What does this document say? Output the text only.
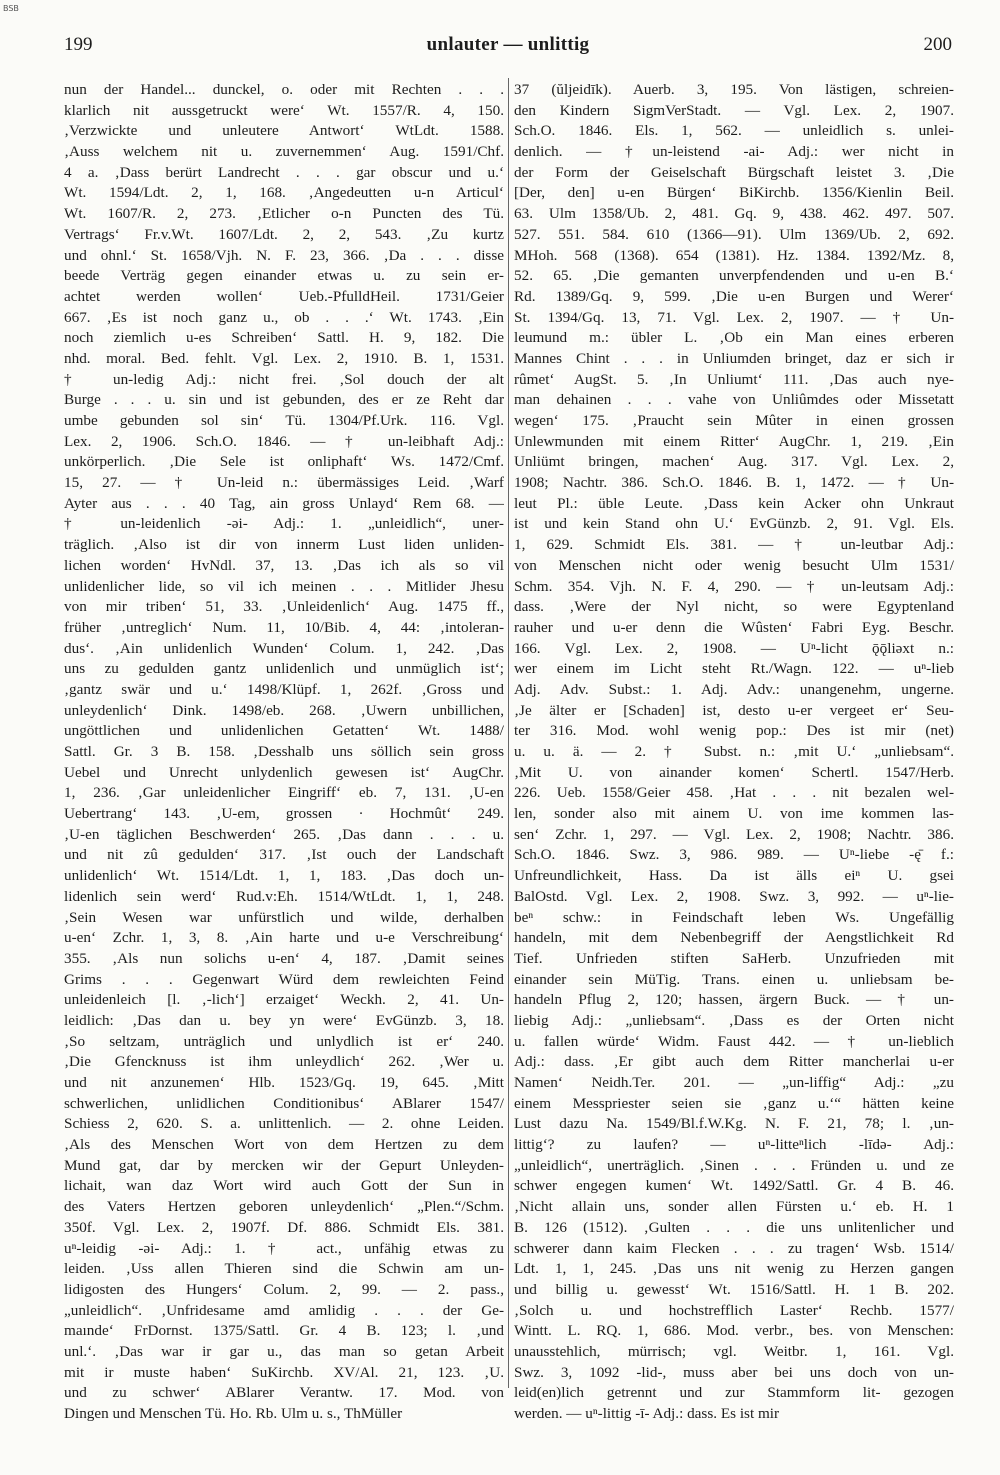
BSB
199	unlauter — unlittig	200
nun der Handel... dunckel, o. oder mit Rechten . . .
klarlich nit aussgetruckt were‘ Wt. 1557/R. 4, 150.
‚Verzwickte und unleutere Antwort‘ WtLdt. 1588.
‚Auss welchem nit u. zuvernemmen‘ Aug. 1591/Chf.
4 a. ‚Dass berürt Landrecht . . . gar obscur und u.‘
Wt. 1594/Ldt. 2, 1, 168. ‚Angedeutten u-n Articul‘
Wt. 1607/R. 2, 273. ‚Etlicher o-n Puncten des Tü.
Vertrags‘ Fr.v.Wt. 1607/Ldt. 2, 2, 543. ‚Zu kurtz
und ohnl.‘ St. 1658/Vjh. N. F. 23, 366. ‚Da . . . disse
beede Verträg gegen einander etwas u. zu sein er-
achtet werden wollen‘ Ueb.-PfulldHeil. 1731/Geier
667. ‚Es ist noch ganz u., ob . . .‘ Wt. 1743. ‚Ein
noch ziemlich u-es Schreiben‘ Sattl. H. 9, 182. Die
nhd. moral. Bed. fehlt. Vgl. Lex. 2, 1910. B. 1, 1531.
† un-ledig Adj.: nicht frei. ‚Sol douch der alt
Burge . . . u. sin und ist gebunden, des er ze Reht dar
umbe gebunden sol sin‘ Tü. 1304/Pf.Urk. 116. Vgl.
Lex. 2, 1906. Sch.O. 1846. — † un-leibhaft Adj.:
unkörperlich. ‚Die Sele ist onliphaft‘ Ws. 1472/Cmf.
15, 27. — † Un-leid n.: übermässiges Leid. ‚Warf
Ayter aus . . . 40 Tag, ain gross Unlayd‘ Rem 68. —
† un-leidenlich -əi- Adj.: 1. „unleidlich“, uner-
träglich. ‚Also ist dir von innerm Lust liden unliden-
lichen worden‘ HvNdl. 37, 13. ‚Das ich als so vil
unlidenlicher lide, so vil ich meinen . . . Mitlider Jhesu
von mir triben‘ 51, 33. ‚Unleidenlich‘ Aug. 1475 ff.,
früher ‚untreglich‘ Num. 11, 10/Bib. 4, 44: ‚intoleran-
dus‘. ‚Ain unlidenlich Wunden‘ Colum. 1, 242. ‚Das
uns zu gedulden gantz unlidenlich und unmüglich ist‘;
‚gantz swär und u.‘ 1498/Klüpf. 1, 262f. ‚Gross und
unleydenlich‘ Dink. 1498/eb. 268. ‚Uwern unbillichen,
ungöttlichen und unlidenlichen Getatten‘ Wt. 1488/
Sattl. Gr. 3 B. 158. ‚Desshalb uns söllich sein gross
Uebel und Unrecht unlydenlich gewesen ist‘ AugChr.
1, 236. ‚Gar unleidenlicher Eingriff‘ eb. 7, 131. ‚U-en
Uebertrang‘ 143. ‚U-em, grossen · Hochmût‘ 249.
‚U-en täglichen Beschwerden‘ 265. ‚Das dann . . . u.
und nit zû gedulden‘ 317. ‚Ist ouch der Landschaft
unlidenlich‘ Wt. 1514/Ldt. 1, 1, 183. ‚Das doch un-
lidenlich sein werd‘ Rud.v:Eh. 1514/WtLdt. 1, 1, 248.
‚Sein Wesen war unfürstlich und wilde, derhalben
u-en‘ Zchr. 1, 3, 8. ‚Ain harte und u-e Verschreibung‘
355. ‚Als nun solichs u-en‘ 4, 187. ‚Damit seines
Grims . . . Gegenwart Würd dem rewleichten Feind
unleidenleich [l. ‚-lich‘] erzaiget‘ Weckh. 2, 41. Un-
leidlich: ‚Das dan u. bey yn were‘ EvGünzb. 3, 18.
‚So seltzam, unträglich und unlydlich ist er‘ 240.
‚Die Gfencknuss ist ihm unleydlich‘ 262. ‚Wer u.
und nit anzunemen‘ Hlb. 1523/Gq. 19, 645. ‚Mitt
schwerlichen, unlidlichen Conditionibus‘ ABlarer 1547/
Schiess 2, 620. S. a. unlittenlich. — 2. ohne Leiden.
‚Als des Menschen Wort von dem Hertzen zu dem
Mund gat, dar by mercken wir der Gepurt Unleyden-
lichait, wan daz Wort wird auch Gott der Sun in
des Vaters Hertzen geboren unleydenlich‘ „Plen.“/Schm.
350f. Vgl. Lex. 2, 1907f. Df. 886. Schmidt Els. 381.
uⁿ-leidig -əi- Adj.: 1. † act., unfähig etwas zu
leiden. ‚Uss allen Thieren sind die Schwin am un-
lidigosten des Hungers‘ Colum. 2, 99. — 2. pass.,
„unleidlich“. ‚Unfridesame amd amlidig . . . der Ge-
maınde‘ FrDornst. 1375/Sattl. Gr. 4 B. 123; l. ‚und
unl.‘. ‚Das war ir gar u., das man so getan Arbeit
mit ir muste haben‘ SuKirchb. XV/Al. 21, 123. ‚U.
und zu schwer‘ ABlarer Verantw. 17. Mod. von
Dingen und Menschen Tü. Ho. Rb. Ulm u. s., ThMüller
37 (ŭljeidīk). Auerb. 3, 195. Von lästigen, schreien-
den Kindern SigmVerStadt. — Vgl. Lex. 2, 1907.
Sch.O. 1846. Els. 1, 562. — unleidlich s. unlei-
denlich. — †un-leistend -ai- Adj.: wer nicht in
der Form der Geiselschaft Bürgschaft leistet 3. ‚Die
[Der, den] u-en Bürgen‘ BiKirchb. 1356/Kienlin Beil.
63. Ulm 1358/Ub. 2, 481. Gq. 9, 438. 462. 497. 507.
527. 551. 584. 610 (1366—91). Ulm 1369/Ub. 2, 692.
MHoh. 568 (1368). 654 (1381). Hz. 1384. 1392/Mz. 8,
52. 65. ‚Die gemanten unverpfendenden und u-en B.‘
Rd. 1389/Gq. 9, 599. ‚Die u-en Burgen und Werer‘
St. 1394/Gq. 13, 71. Vgl. Lex. 2, 1907. — † Un-
leumund m.: übler L. ‚Ob ein Man eines erberen
Mannes Chint . . . in Unliumden bringet, daz er sich ir
rûmet‘ AugSt. 5. ‚In Unliumt‘ 111. ‚Das auch nye-
man dehainen . . . vahe von Unliûmdes oder Missetatt
wegen‘ 175. ‚Praucht sein Mûter in einen grossen
Unlewmunden mit einem Ritter‘ AugChr. 1, 219. ‚Ein
Unliümt bringen, machen‘ Aug. 317. Vgl. Lex. 2,
1908; Nachtr. 386. Sch.O. 1846. B. 1, 1472. — † Un-
leut Pl.: üble Leute. ‚Dass kein Acker ohn Unkraut
ist und kein Stand ohn U.‘ EvGünzb. 2, 91. Vgl. Els.
1, 629. Schmidt Els. 381. — † un-leutbar Adj.:
von Menschen nicht oder wenig besucht Ulm 1531/
Schm. 354. Vjh. N. F. 4, 290. — † un-leutsam Adj.:
dass. ‚Were der Nyl nicht, so were Egyptenland
rauher und u-er denn die Wûsten‘ Fabri Eyg. Beschr.
166. Vgl. Lex. 2, 1908. — Uⁿ-licht ǭǭliəxt n.:
wer einem im Licht steht Rt./Wagn. 122. — uⁿ-lieb
Adj. Adv. Subst.: 1. Adj. Adv.: unangenehm, ungerne.
‚Je älter er [Schaden] ist, desto u-er vergeet er‘ Seu-
ter 316. Mod. wohl wenig pop.: Des ist mir (net)
u. u. ä. — 2. † Subst. n.: ‚mit U.‘ „unliebsam“.
‚Mit U. von ainander komen‘ Schertl. 1547/Herb.
226. Ueb. 1558/Geier 458. ‚Hat . . . nit bezalen wel-
len, sonder also mit ainem U. von ime kommen las-
sen‘ Zchr. 1, 297. — Vgl. Lex. 2, 1908; Nachtr. 386.
Sch.O. 1846. Swz. 3, 986. 989. — Uⁿ-liebe -ę̄ f.:
Unfreundlichkeit, Hass. Da ist älls eiⁿ U. gsei
BalOstd. Vgl. Lex. 2, 1908. Swz. 3, 992. — uⁿ-lie-
beⁿ schw.: in Feindschaft leben Ws. Ungefällig
handeln, mit dem Nebenbegriff der Aengstlichkeit Rd
Tief. Unfrieden stiften SaHerb. Unzufrieden mit
einander sein MüTig. Trans. einen u. unliebsam be-
handeln Pflug 2, 120; hassen, ärgern Buck. — † un-
liebig Adj.: „unliebsam“. ‚Dass es der Orten nicht
u. fallen würde‘ Widm. Faust 442. — † un-lieblich
Adj.: dass. ‚Er gibt auch dem Ritter mancherlai u-er
Namen‘ Neidh.Ter. 201. — „un-liffig“ Adj.: „zu
einem Messpriester seien sie ‚ganz u.‘“ hätten keine
Lust dazu Na. 1549/Bl.f.W.Kg. N. F. 21, 78; l. ‚un-
littig‘? zu laufen? — uⁿ-litteⁿlich -līdə- Adj.:
„unleidlich“, unerträglich. ‚Sinen . . . Fründen u. und ze
schwer engegen kumen‘ Wt. 1492/Sattl. Gr. 4 B. 46.
‚Nicht allain uns, sonder allen Fürsten u.‘ eb. H. 1
B. 126 (1512). ‚Gulten . . . die uns unlitenlicher und
schwerer dann kaim Flecken . . . zu tragen‘ Wsb. 1514/
Ldt. 1, 1, 245. ‚Das uns nit wenig zu Herzen gangen
und billig u. gewesst‘ Wt. 1516/Sattl. H. 1 B. 202.
‚Solch u. und hochstrefflich Laster‘ Rechb. 1577/
Wintt. L. RQ. 1, 686. Mod. verbr., bes. von Menschen:
unausstehlich, mürrisch; vgl. Weitbr. 1, 161. Vgl.
Swz. 3, 1092 -lid-, muss aber bei uns doch von un-
leid(en)lich getrennt und zur Stammform lit- gezogen
werden. — uⁿ-littig -ī- Adj.: dass. Es ist mir
